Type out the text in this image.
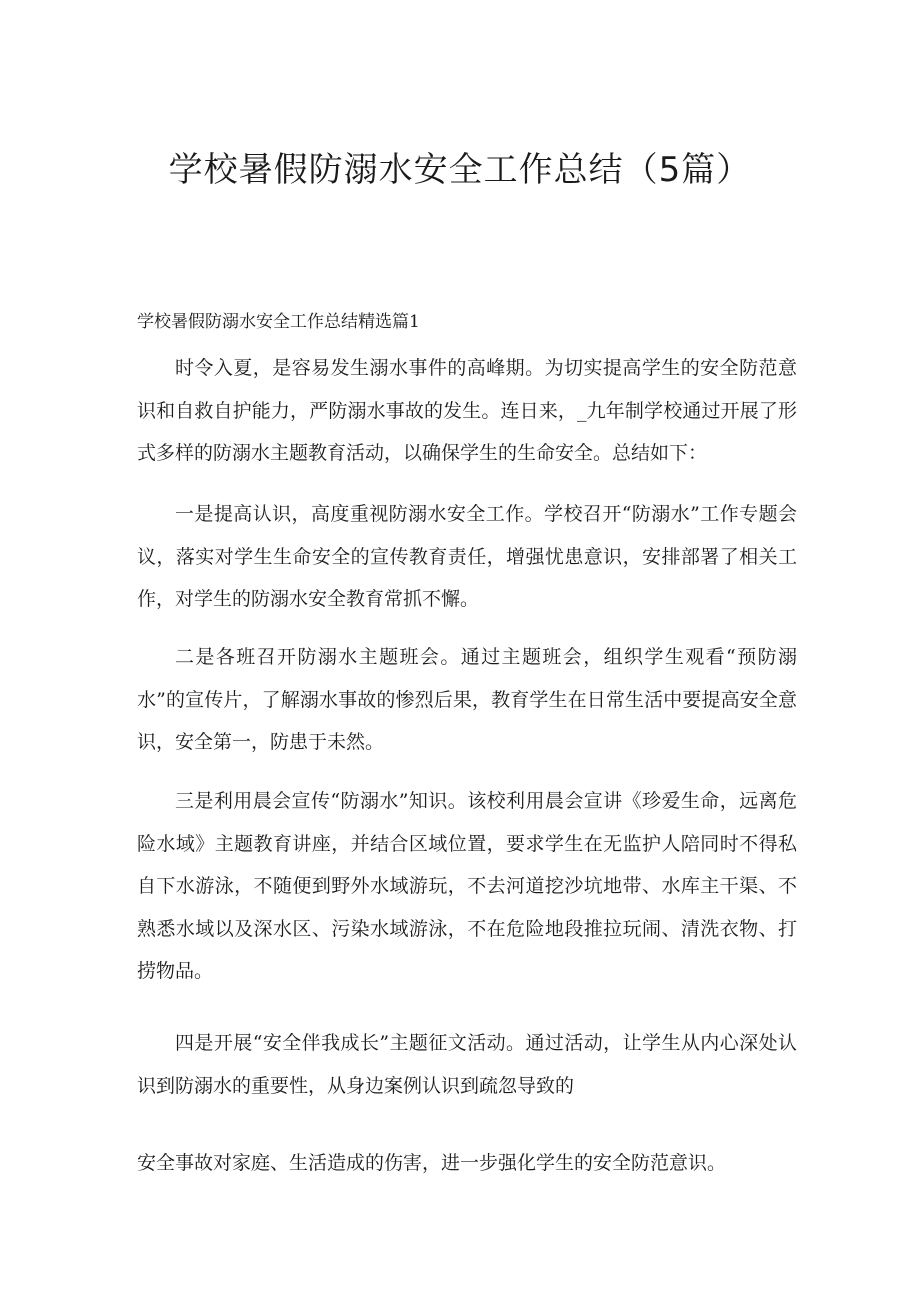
学校暑假防溺水安全工作总结（5篇）

学校暑假防溺水安全工作总结精选篇1

时令入夏，是容易发生溺水事件的高峰期。为切实提高学生的安全防范意识和自救自护能力，严防溺水事故的发生。连日来，_九年制学校通过开展了形式多样的防溺水主题教育活动，以确保学生的生命安全。总结如下：

一是提高认识，高度重视防溺水安全工作。学校召开“防溺水”工作专题会议，落实对学生生命安全的宣传教育责任，增强忧患意识，安排部署了相关工作，对学生的防溺水安全教育常抓不懈。

二是各班召开防溺水主题班会。通过主题班会，组织学生观看“预防溺水”的宣传片，了解溺水事故的惨烈后果，教育学生在日常生活中要提高安全意识，安全第一，防患于未然。

三是利用晨会宣传“防溺水”知识。该校利用晨会宣讲《珍爱生命，远离危险水域》主题教育讲座，并结合区域位置，要求学生在无监护人陪同时不得私自下水游泳，不随便到野外水域游玩，不去河道挖沙坑地带、水库主干渠、不熟悉水域以及深水区、污染水域游泳，不在危险地段推拉玩闹、清洗衣物、打捞物品。

四是开展“安全伴我成长”主题征文活动。通过活动，让学生从内心深处认识到防溺水的重要性，从身边案例认识到疏忽导致的

安全事故对家庭、生活造成的伤害，进一步强化学生的安全防范意识。
